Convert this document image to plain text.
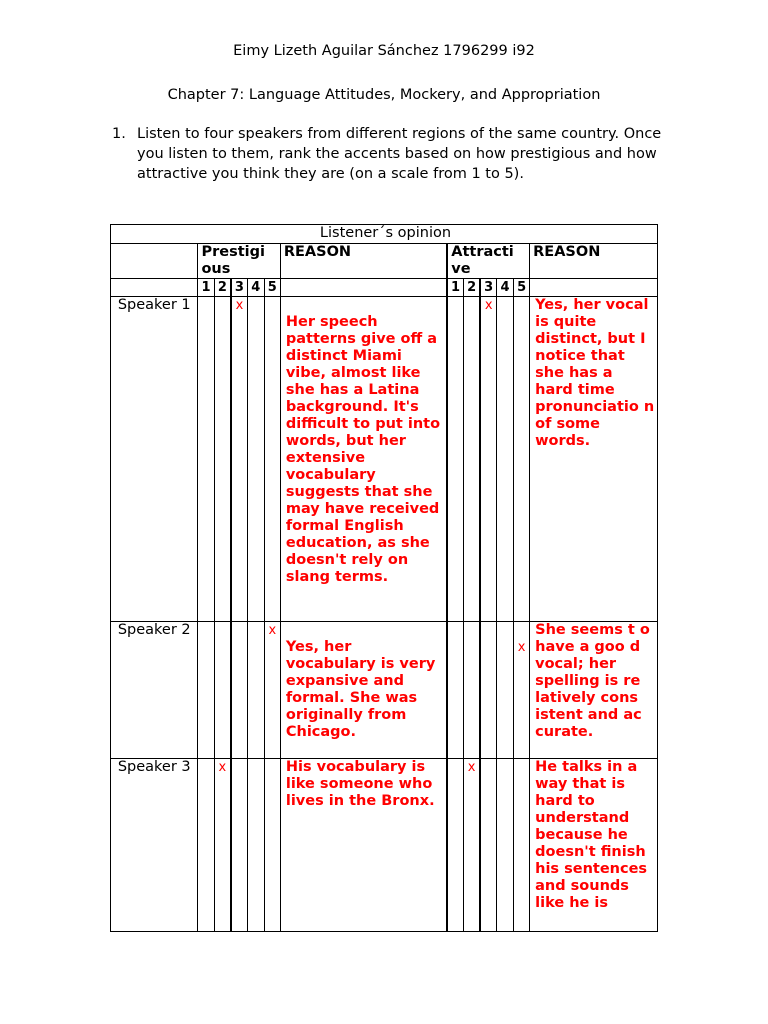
Eimy Lizeth Aguilar Sánchez 1796299 i92
Chapter 7: Language Attitudes, Mockery, and Appropriation
1. Listen to four speakers from different regions of the same country. Once you listen to them, rank the accents based on how prestigious and how attractive you think they are (on a scale from 1 to 5).
Listener´s opinion												
	Prestigi ous					REASON	Attracti ve					REASON
	1	2	3	4	5		1	2	3	4	5	
Speaker 1			x			Her speech patterns give off a distinct Miami vibe, almost like she has a Latina background. It's difficult to put into words, but her extensive vocabulary suggests that she may have received formal English education, as she doesn't rely on slang terms.			x			Yes, her vocal is quite distinct, but I notice that she has a hard time pronunciatio n of some words.
Speaker 2					x	Yes, her vocabulary is very expansive and formal. She was originally from Chicago.					x	She seems t o have a goo d vocal; her spelling is re latively cons istent and ac curate.
Speaker 3		x				His vocabulary is like someone who lives in the Bronx.		x				He talks in a way that is hard to understand because he doesn't finish his sentences and sounds like he is
